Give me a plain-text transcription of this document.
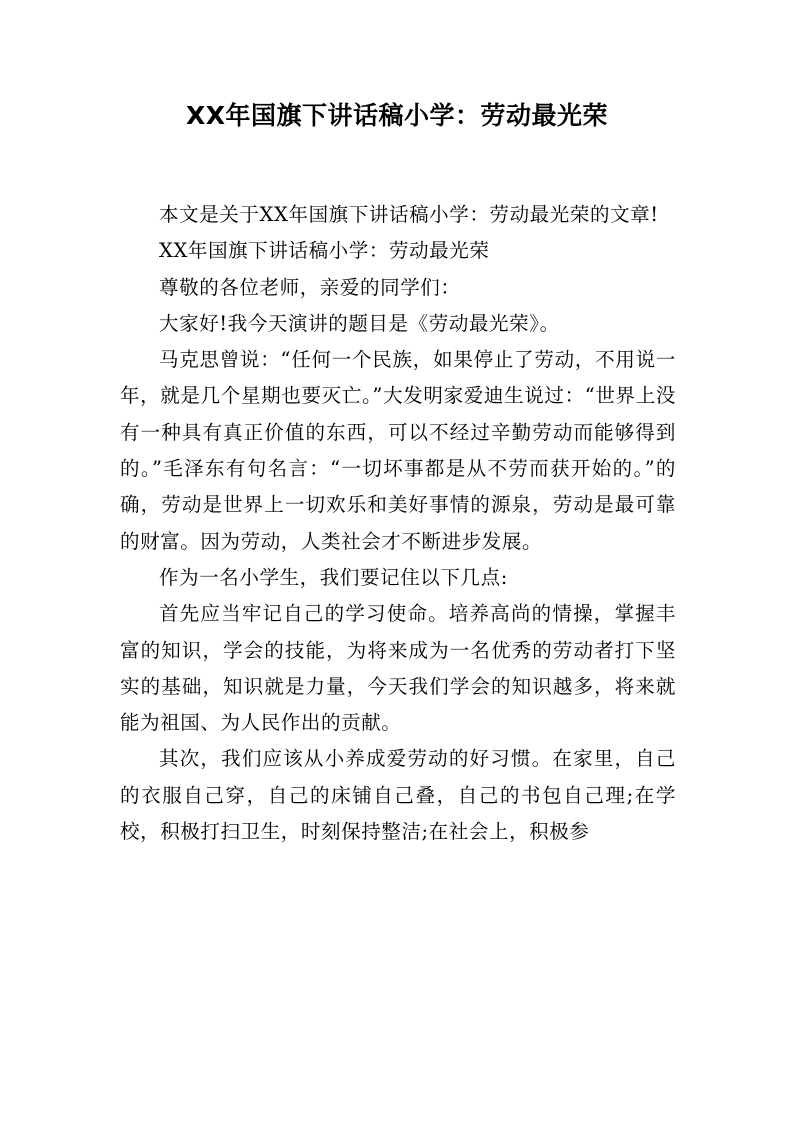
XX年国旗下讲话稿小学：劳动最光荣

本文是关于XX年国旗下讲话稿小学：劳动最光荣的文章!

XX年国旗下讲话稿小学：劳动最光荣

尊敬的各位老师，亲爱的同学们：

大家好!我今天演讲的题目是《劳动最光荣》。

马克思曾说：“任何一个民族，如果停止了劳动，不用说一年，就是几个星期也要灭亡。”大发明家爱迪生说过：“世界上没有一种具有真正价值的东西，可以不经过辛勤劳动而能够得到的。”毛泽东有句名言：“一切坏事都是从不劳而获开始的。”的确，劳动是世界上一切欢乐和美好事情的源泉，劳动是最可靠的财富。因为劳动，人类社会才不断进步发展。

作为一名小学生，我们要记住以下几点:

首先应当牢记自己的学习使命。培养高尚的情操，掌握丰富的知识，学会的技能，为将来成为一名优秀的劳动者打下坚实的基础，知识就是力量，今天我们学会的知识越多，将来就能为祖国、为人民作出的贡献。

其次，我们应该从小养成爱劳动的好习惯。在家里，自己的衣服自己穿，自己的床铺自己叠，自己的书包自己理;在学校，积极打扫卫生，时刻保持整洁;在社会上，积极参
